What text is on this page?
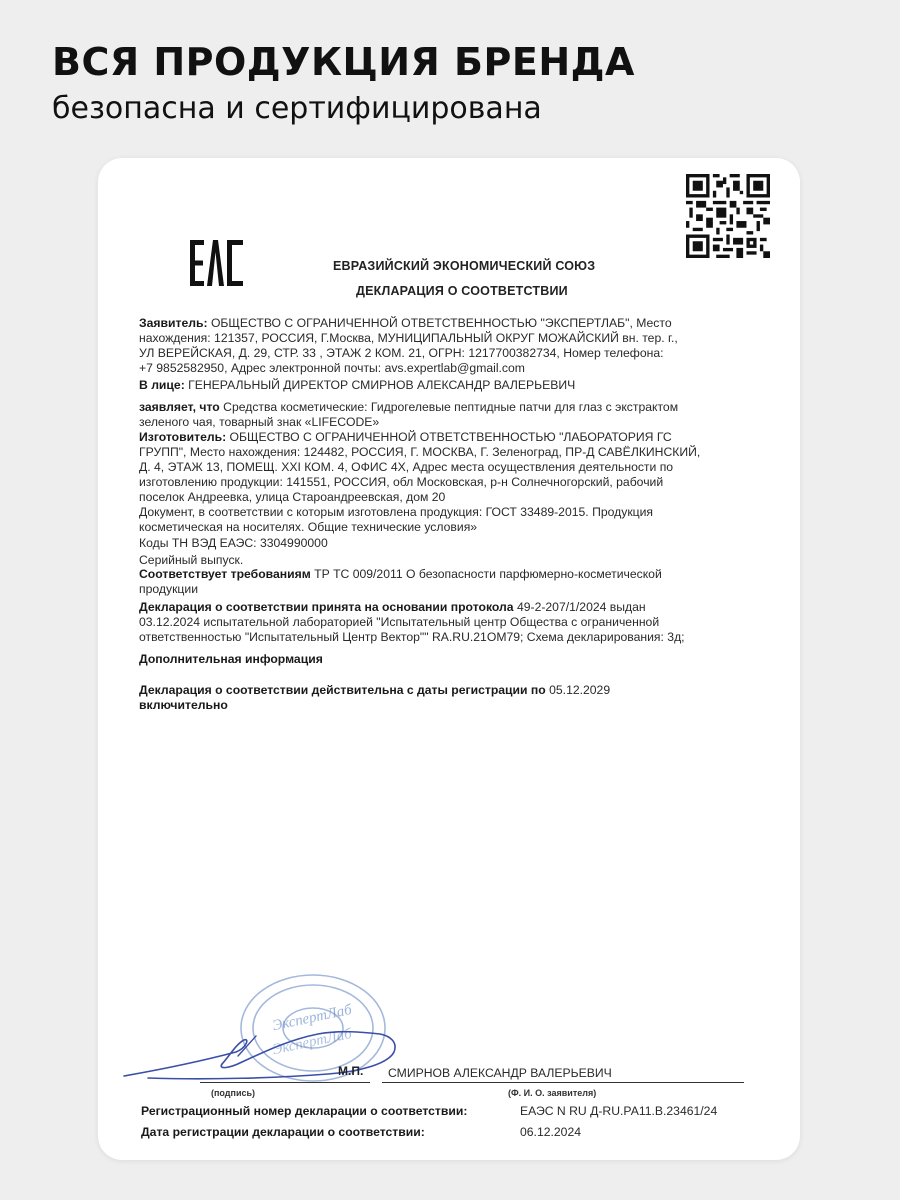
ВСЯ ПРОДУКЦИЯ БРЕНДА
безопасна и сертифицирована
ЕВРАЗИЙСКИЙ ЭКОНОМИЧЕСКИЙ СОЮЗ
ДЕКЛАРАЦИЯ О СООТВЕТСТВИИ
Заявитель: ОБЩЕСТВО С ОГРАНИЧЕННОЙ ОТВЕТСТВЕННОСТЬЮ "ЭКСПЕРТЛАБ", Место
нахождения: 121357, РОССИЯ, Г.Москва, МУНИЦИПАЛЬНЫЙ ОКРУГ МОЖАЙСКИЙ вн. тер. г.,
УЛ ВЕРЕЙСКАЯ, Д. 29, СТР. 33 , ЭТАЖ 2 КОМ. 21, ОГРН: 1217700382734, Номер телефона:
+7 9852582950, Адрес электронной почты: avs.expertlab@gmail.com
В лице: ГЕНЕРАЛЬНЫЙ ДИРЕКТОР СМИРНОВ АЛЕКСАНДР ВАЛЕРЬЕВИЧ
заявляет, что Средства косметические: Гидрогелевые пептидные патчи для глаз с экстрактом
зеленого чая, товарный знак «LIFECODE»
Изготовитель: ОБЩЕСТВО С ОГРАНИЧЕННОЙ ОТВЕТСТВЕННОСТЬЮ "ЛАБОРАТОРИЯ ГС
ГРУПП", Место нахождения: 124482, РОССИЯ, Г. МОСКВА, Г. Зеленоград, ПР-Д САВЁЛКИНСКИЙ,
Д. 4, ЭТАЖ 13, ПОМЕЩ. XXI КОМ. 4, ОФИС 4Х, Адрес места осуществления деятельности по
изготовлению продукции: 141551, РОССИЯ, обл Московская, р-н Солнечногорский, рабочий
поселок Андреевка, улица Староандреевская, дом 20
Документ, в соответствии с которым изготовлена продукция: ГОСТ 33489-2015. Продукция
косметическая на носителях. Общие технические условия»
Коды ТН ВЭД ЕАЭС: 3304990000
Серийный выпуск.
Соответствует требованиям ТР ТС 009/2011 О безопасности парфюмерно-косметической
продукции
Декларация о соответствии принята на основании протокола 49-2-207/1/2024 выдан
03.12.2024 испытательной лабораторией "Испытательный центр Общества с ограниченной
ответственностью "Испытательный Центр Вектор"" RA.RU.21ОМ79; Схема декларирования: 3д;
Дополнительная информация
Декларация о соответствии действительна с даты регистрации по 05.12.2029
включительно
ЭкспертЛаб
ЭкспертЛаб
(подпись)
М.П. СМИРНОВ АЛЕКСАНДР ВАЛЕРЬЕВИЧ
(Ф. И. О. заявителя)
Регистрационный номер декларации о соответствии:	ЕАЭС N RU Д-RU.РА11.В.23461/24
Дата регистрации декларации о соответствии:	06.12.2024
